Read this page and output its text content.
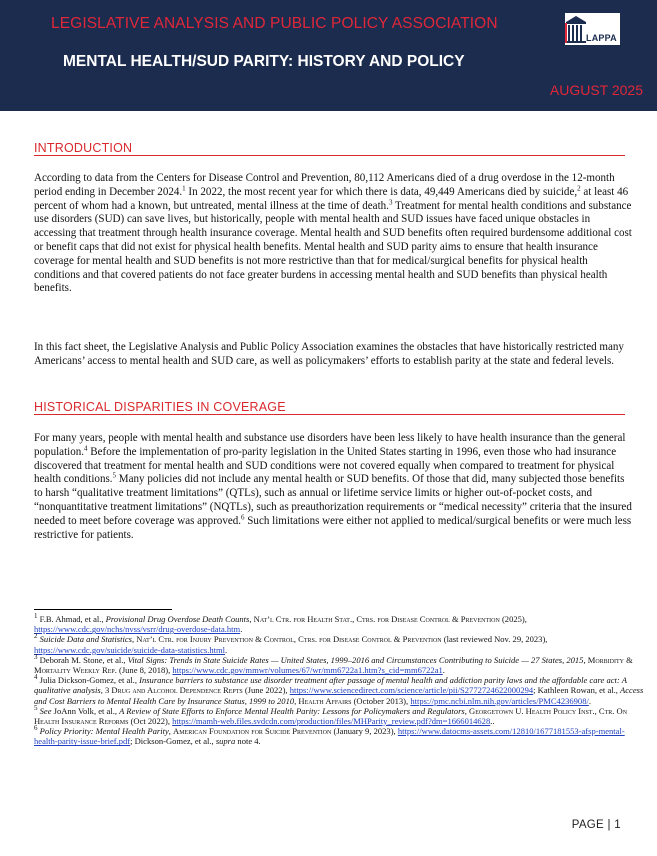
LEGISLATIVE ANALYSIS AND PUBLIC POLICY ASSOCIATION
LAPPA
MENTAL HEALTH/SUD PARITY: HISTORY AND POLICY
AUGUST 2025
INTRODUCTION
According to data from the Centers for Disease Control and Prevention, 80,112 Americans died of a drug overdose in the 12-month period ending in December 2024.$^1$ In 2022, the most recent year for which there is data, 49,449 Americans died by suicide,$^2$ at least 46 percent of whom had a known, but untreated, mental illness at the time of death.$^3$ Treatment for mental health conditions and substance use disorders (SUD) can save lives, but historically, people with mental health and SUD issues have faced unique obstacles in accessing that treatment through health insurance coverage. Mental health and SUD benefits often required burdensome additional cost or benefit caps that did not exist for physical health benefits. Mental health and SUD parity aims to ensure that health insurance coverage for mental health and SUD benefits is not more restrictive than that for medical/surgical benefits for physical health conditions and that covered patients do not face greater burdens in accessing mental health and SUD benefits than physical health benefits.
In this fact sheet, the Legislative Analysis and Public Policy Association examines the obstacles that have historically restricted many Americans’ access to mental health and SUD care, as well as policymakers’ efforts to establish parity at the state and federal levels.
HISTORICAL DISPARITIES IN COVERAGE
For many years, people with mental health and substance use disorders have been less likely to have health insurance than the general population.$^4$ Before the implementation of pro-parity legislation in the United States starting in 1996, even those who had insurance discovered that treatment for mental health and SUD conditions were not covered equally when compared to treatment for physical health conditions.$^5$ Many policies did not include any mental health or SUD benefits. Of those that did, many subjected those benefits to harsh “qualitative treatment limitations” (QTLs), such as annual or lifetime service limits or higher out-of-pocket costs, and “nonquantitative treatment limitations” (NQTLs), such as preauthorization requirements or “medical necessity” criteria that the insured needed to meet before coverage was approved.$^6$ Such limitations were either not applied to medical/surgical benefits or were much less restrictive for patients.

$^1$ F.B. Ahmad, et al., Provisional Drug Overdose Death Counts, Nat’l Ctr. for Health Stat., Ctrs. for Disease Control & Prevention (2025), https://www.cdc.gov/nchs/nvss/vsrr/drug-overdose-data.htm.

$^2$ Suicide Data and Statistics, Nat’l Ctr. for Injury Prevention & Control, Ctrs. for Disease Control & Prevention (last reviewed Nov. 29, 2023), https://www.cdc.gov/suicide/suicide-data-statistics.html.

$^3$ Deborah M. Stone, et al., Vital Signs: Trends in State Suicide Rates — United States, 1999–2016 and Circumstances Contributing to Suicide — 27 States, 2015, Morbidity & Mortality Weekly Rep. (June 8, 2018), https://www.cdc.gov/mmwr/volumes/67/wr/mm6722a1.htm?s_cid=mm6722a1.

$^4$ Julia Dickson-Gomez, et al., Insurance barriers to substance use disorder treatment after passage of mental health and addiction parity laws and the affordable care act: A qualitative analysis, 3 Drug and Alcohol Dependence Repts (June 2022), https://www.sciencedirect.com/science/article/pii/S2772724622000294; Kathleen Rowan, et al., Access and Cost Barriers to Mental Health Care by Insurance Status, 1999 to 2010, Health Affairs (October 2013), https://pmc.ncbi.nlm.nih.gov/articles/PMC4236908/.

$^5$ See JoAnn Volk, et al., A Review of State Efforts to Enforce Mental Health Parity: Lessons for Policymakers and Regulators, Georgetown U. Health Policy Inst., Ctr. On Health Insurance Reforms (Oct 2022), https://mamh-web.files.svdcdn.com/production/files/MHParity_review.pdf?dm=1666014628..

$^6$ Policy Priority: Mental Health Parity, American Foundation for Suicide Prevention (January 9, 2023), https://www.datocms-assets.com/12810/1677181553-afsp-mental-health-parity-issue-brief.pdf; Dickson-Gomez, et al., supra note 4.

PAGE | 1
